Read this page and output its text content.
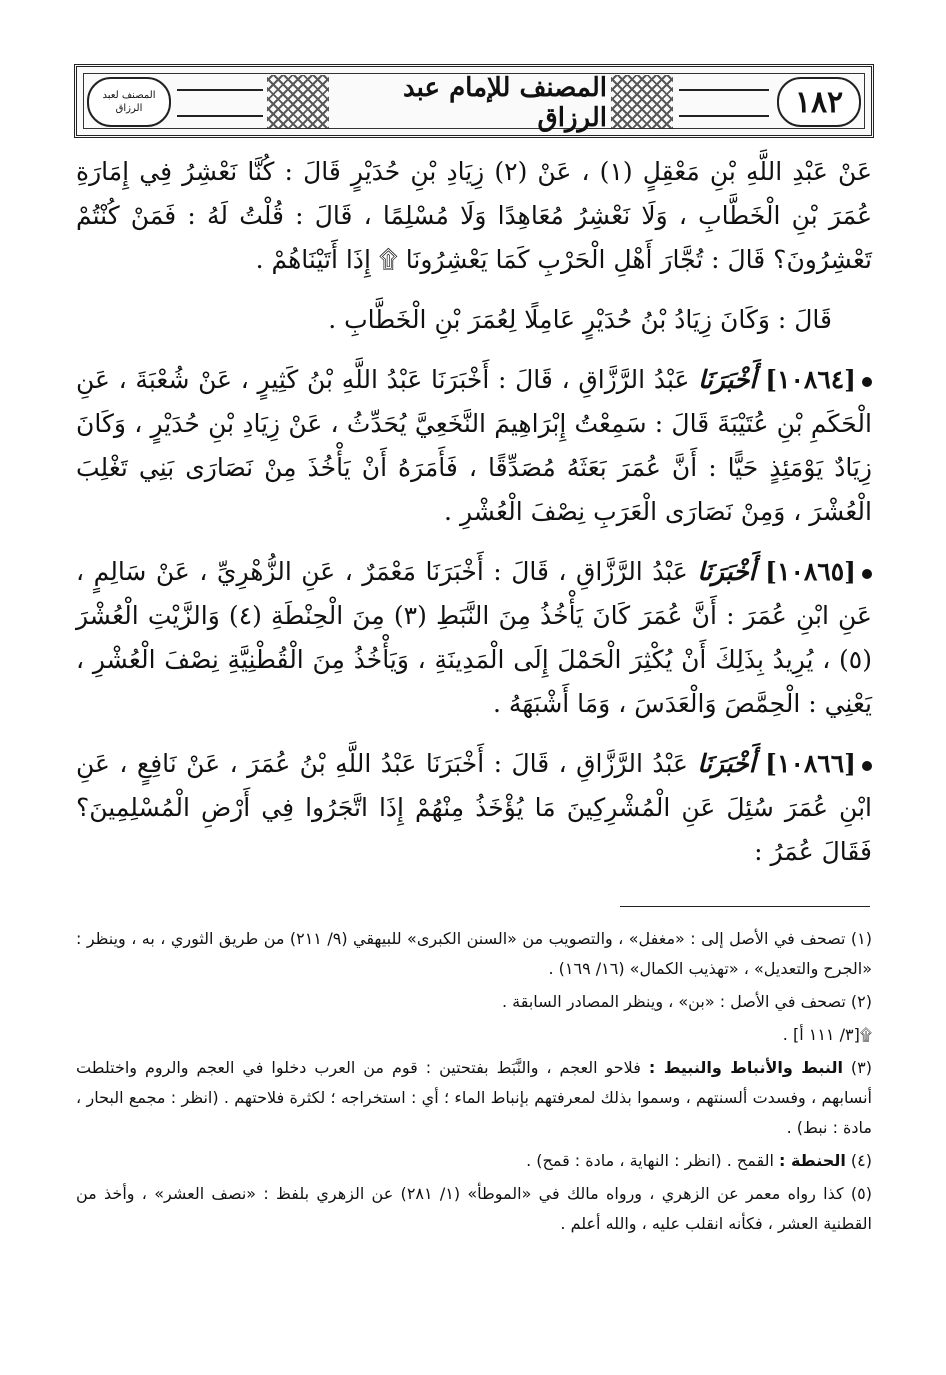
المصنف لعبد الرزاق
المصنف للإمام عبد الرزاق	١٨٢

عَنْ عَبْدِ اللَّهِ بْنِ مَعْقِلٍ (١) ، عَنْ (٢) زِيَادِ بْنِ حُدَيْرٍ قَالَ : كُنَّا نَعْشِرُ فِي إِمَارَةِ عُمَرَ بْنِ الْخَطَّابِ ، وَلَا نَعْشِرُ مُعَاهِدًا وَلَا مُسْلِمًا ، قَالَ : قُلْتُ لَهُ : فَمَنْ كُنْتُمْ تَعْشِرُونَ؟ قَالَ : تُجَّارَ أَهْلِ الْحَرْبِ كَمَا يَعْشِرُونَا ۩ إِذَا أَتَيْنَاهُمْ .

قَالَ : وَكَانَ زِيَادُ بْنُ حُدَيْرٍ عَامِلًا لِعُمَرَ بْنِ الْخَطَّابِ .

[١٠٨٦٤] أَخْبَرَنَا عَبْدُ الرَّزَّاقِ ، قَالَ : أَخْبَرَنَا عَبْدُ اللَّهِ بْنُ كَثِيرٍ ، عَنْ شُعْبَةَ ، عَنِ الْحَكَمِ بْنِ عُتَيْبَةَ قَالَ : سَمِعْتُ إِبْرَاهِيمَ النَّخَعِيَّ يُحَدِّثُ ، عَنْ زِيَادِ بْنِ حُدَيْرٍ ، وَكَانَ زِيَادٌ يَوْمَئِذٍ حَيًّا : أَنَّ عُمَرَ بَعَثَهُ مُصَدِّقًا ، فَأَمَرَهُ أَنْ يَأْخُذَ مِنْ نَصَارَى بَنِي تَغْلِبَ الْعُشْرَ ، وَمِنْ نَصَارَى الْعَرَبِ نِصْفَ الْعُشْرِ .

[١٠٨٦٥] أَخْبَرَنَا عَبْدُ الرَّزَّاقِ ، قَالَ : أَخْبَرَنَا مَعْمَرٌ ، عَنِ الزُّهْرِيِّ ، عَنْ سَالِمٍ ، عَنِ ابْنِ عُمَرَ : أَنَّ عُمَرَ كَانَ يَأْخُذُ مِنَ النَّبَطِ (٣) مِنَ الْحِنْطَةِ (٤) وَالزَّيْتِ الْعُشْرَ (٥) ، يُرِيدُ بِذَلِكَ أَنْ يُكْثِرَ الْحَمْلَ إِلَى الْمَدِينَةِ ، وَيَأْخُذُ مِنَ الْقُطْنِيَّةِ نِصْفَ الْعُشْرِ ، يَعْنِي : الْحِمَّصَ وَالْعَدَسَ ، وَمَا أَشْبَهَهُ .

[١٠٨٦٦] أَخْبَرَنَا عَبْدُ الرَّزَّاقِ ، قَالَ : أَخْبَرَنَا عَبْدُ اللَّهِ بْنُ عُمَرَ ، عَنْ نَافِعٍ ، عَنِ ابْنِ عُمَرَ سُئِلَ عَنِ الْمُشْرِكِينَ مَا يُؤْخَذُ مِنْهُمْ إِذَا اتَّجَرُوا فِي أَرْضِ الْمُسْلِمِينَ؟ فَقَالَ عُمَرُ :

(١) تصحف في الأصل إلى : «مغفل» ، والتصويب من «السنن الكبرى» للبيهقي (٩/ ٢١١) من طريق الثوري ، به ، وينظر : «الجرح والتعديل» ، «تهذيب الكمال» (١٦/ ١٦٩) .

(٢) تصحف في الأصل : «بن» ، وينظر المصادر السابقة .

۩[٣/ ١١١ أ] .

(٣) النبط والأنباط والنبيط : فلاحو العجم ، والنَّبَط بفتحتين : قوم من العرب دخلوا في العجم والروم واختلطت أنسابهم ، وفسدت ألسنتهم ، وسموا بذلك لمعرفتهم بإنباط الماء ؛ أي : استخراجه ؛ لكثرة فلاحتهم . (انظر : مجمع البحار ، مادة : نبط) .

(٤) الحنطة : القمح . (انظر : النهاية ، مادة : قمح) .

(٥) كذا رواه معمر عن الزهري ، ورواه مالك في «الموطأ» (١/ ٢٨١) عن الزهري بلفظ : «نصف العشر» ، وأخذ من القطنية العشر ، فكأنه انقلب عليه ، والله أعلم .
